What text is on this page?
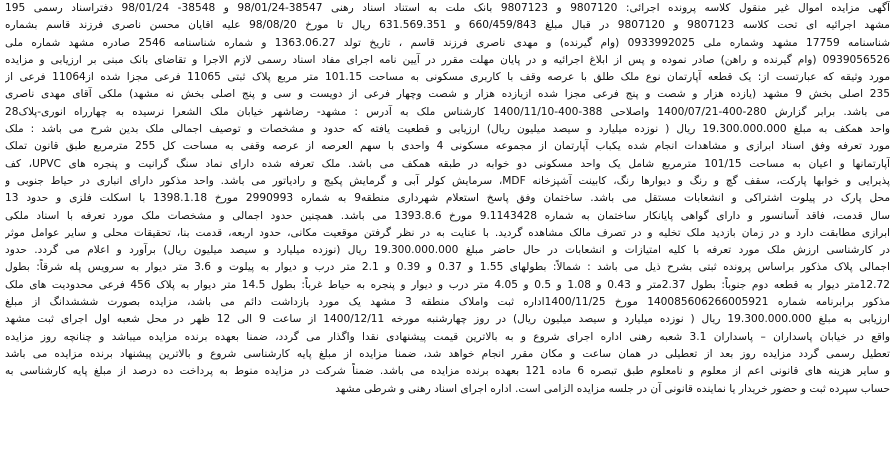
آگهی مزایده اموال غیر منقول کلاسه پرونده اجرائی: 9807120 و 9807123 بانک ملت به استناد اسناد رهنی 38547-98/01/24 و 38548- 98/01/24 دفتراسناد رسمی 195
مشهد اجرائیه ای تحت کلاسه 9807123 و 9807120 در قبال مبلغ 660/459/843 و 631.569.351 ریال تا مورخ 98/08/20 علیه اقایان محسن ناصری فرزند قاسم بشماره
شناسنامه 17759 مشهد وشماره ملی 0933992025 (وام گیرنده) و مهدی ناصری فرزند قاسم ، تاریخ تولد 1363.06.27 و شماره شناسنامه 2546 صادره مشهد شماره ملی
0939056526 (وام گیرنده و راهن) صادر نموده و پس از ابلاغ اجرائیه و در پایان مهلت مقرر در آیین نامه اجرای مفاد اسناد رسمی لازم الاجرا و تقاضای بانک مبنی بر ارزیابی و مزایده
مورد وثیقه که عبارتست از: یک قطعه آپارتمان نوع ملک طلق با عرصه وقف با کاربری مسکونی به مساحت 101.15 متر مربع پلاک ثبتی 11065 فرعی مجزا شده از11064 فرعی از
235 اصلی بخش 9 مشهد (یازده هزار و شصت و پنج فرعی مجزا شده ازیازده هزار و شصت وچهار فرعی از دویست و سی و پنج اصلی بخش نه مشهد) ملکی آقای مهدی ناصری
می باشد. برابر گزارش 280-400-1400/07/21 واصلاحی 388-400-1400/11/10 کارشناس ملک به آدرس : مشهد- رضاشهر خیابان ملک الشعرا نرسیده به چهارراه انوری-پلاک28
واحد همکف به مبلغ 19.300.000.000 ریال ( نوزده میلیارد و سیصد میلیون ریال) ارزیابی و قطعیت یافته که حدود و مشخصات و توصیف اجمالی ملک بدین شرح می باشد : ملک
مورد تعرفه وفق اسناد ابرازی و مشاهدات انجام شده یکباب آپارتمان از مجموعه مسکونی 4 واحدی با سهم العرصه از عرصه وقفی به مساحت کل 255 مترمربع طبق قانون تملک
آپارتمانها و اعیان به مساحت 101/15 مترمربع شامل یک واحد مسکونی دو خوابه در طبقه همکف می باشد. ملک تعرفه شده دارای نماد سنگ گرانیت و پنجره های UPVC، کف
پذیرایی و خوابها پارکت، سقف گچ و رنگ و دیوارها رنگ، کابینت آشپزخانه MDF، سرمایش کولر آبی و گرمایش پکیج و رادیاتور می باشد. واحد مذکور دارای انباری در حیاط جنوبی و
محل پارک در پیلوت اشتراکی و انشعابات مستقل می باشد. ساختمان وفق پاسخ استعلام شهرداری منطقه9 به شماره 2990993 مورخ 1398.1.18 با اسکلت فلزی و حدود 13
سال قدمت، فاقد آسانسور و دارای گواهی پایانکار ساختمان به شماره 9.1143428 مورخ 1393.8.6 می باشد. همچنین حدود اجمالی و مشخصات ملک مورد تعرفه با اسناد ملکی
ابرازی مطابقت دارد و در زمان بازدید ملک تخلیه و در تصرف مالک مشاهده گردید. با عنایت به در نظر گرفتن موقعیت مکانی، حدود اربعه، قدمت بنا، تحقیقات محلی و سایر عوامل موثر
در کارشناسی ارزش ملک مورد تعرفه با کلیه امتیازات و انشعابات در حال حاضر مبلغ 19.300.000.000 ریال (نوزده میلیارد و سیصد میلیون ریال) برآورد و اعلام می گردد. حدود
اجمالی پلاک مذکور براساس پرونده ثبتی بشرح ذیل می باشد : شمالاً: بطولهای 1.55 و 0.37 و 0.39 و 2.1 متر درب و دیوار به پیلوت و 3.6 متر دیوار به سرویس پله شرقاً: بطول
12.72متر دیوار به قطعه دوم جنوباً: بطول 2.37متر و 0.43 و 1.08 و 0.5 و 4.05 متر درب و دیوار و پنجره به حیاط غرباً: بطول 14.5 متر دیوار به پلاک 456 فرعی محدودیت های ملک
مذکور برابرنامه شماره 140085606266005921 مورخ 1400/11/25اداره ثبت واملاک منطقه 3 مشهد یک مورد بازداشت دائم می باشد، مزایده بصورت شششدانگ از مبلغ
ارزیابی به مبلغ 19.300.000.000 ریال ( نوزده میلیارد و سیصد میلیون ریال) در روز چهارشنبه مورخه 1400/12/11 از ساعت 9 الی 12 ظهر در محل شعبه اول اجرای ثبت مشهد
واقع در خیابان پاسداران – پاسداران 3.1 شعبه رهنی اداره اجرای شروع و به بالاترین قیمت پیشنهادی نقدا واگذار می گردد، ضمنا بعهده برنده مزایده میباشد و چنانچه روز مزایده
تعطیل رسمی گردد مزایده روز بعد از تعطیلی در همان ساعت و مکان مقرر انجام خواهد شد، ضمنا مزایده از مبلغ پایه کارشناسی شروع و بالاترین پیشنهاد برنده مزایده می باشد
و سایر هزینه های قانونی اعم از معلوم و نامعلوم طبق تبصره 6 ماده 121 بعهده برنده مزایده می باشد. ضمناً شرکت در مزایده منوط به پرداخت ده درصد از مبلغ پایه کارشناسی به
حساب سپرده ثبت و حضور خریدار یا نماینده قانونی آن در جلسه مزایده الزامی است. اداره اجرای اسناد رهنی و شرطی مشهد
